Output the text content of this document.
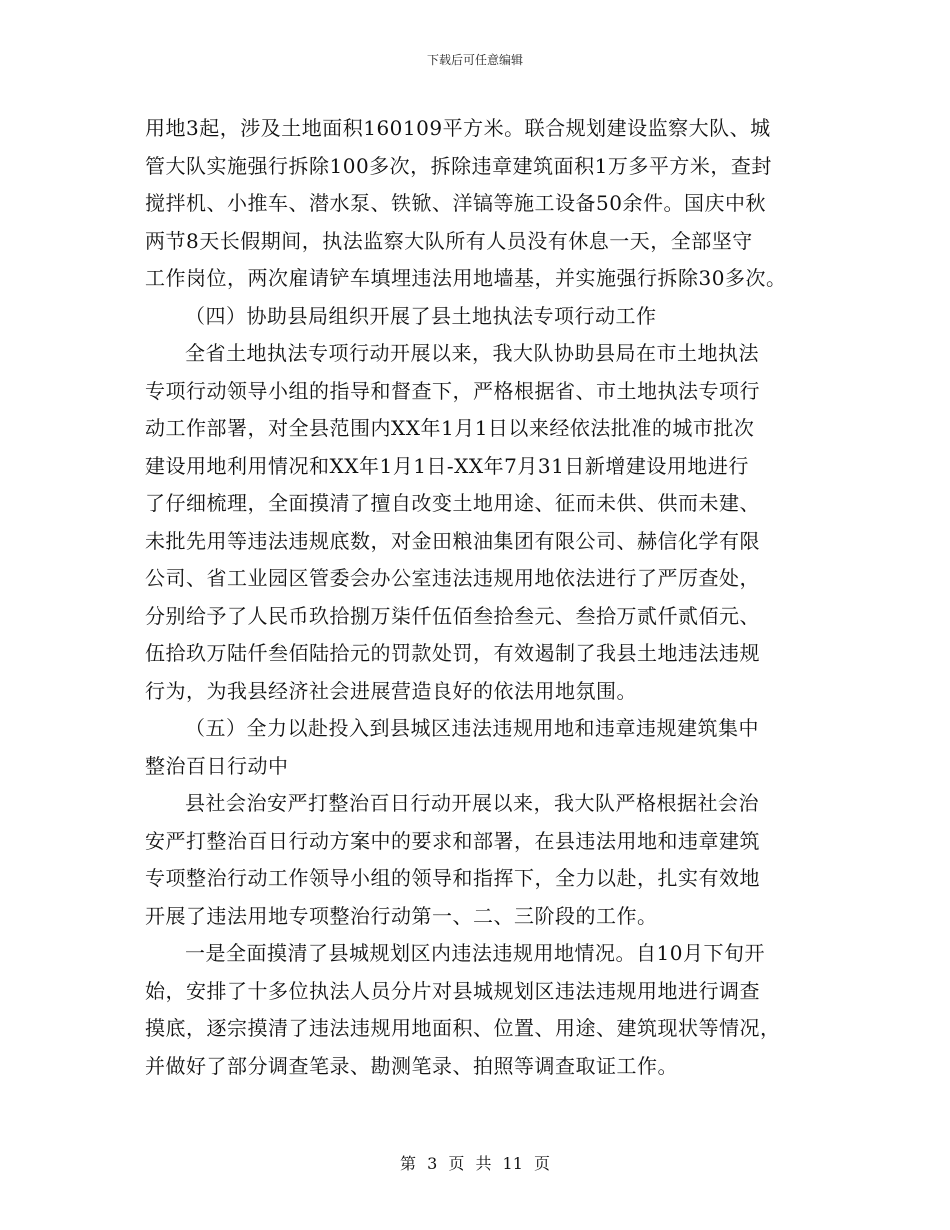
下载后可任意编辑
用地3起，涉及土地面积160109平方米。联合规划建设监察大队、城
管大队实施强行拆除100多次，拆除违章建筑面积1万多平方米，查封
搅拌机、小推车、潜水泵、铁锨、洋镐等施工设备50余件。国庆中秋
两节8天长假期间，执法监察大队所有人员没有休息一天，全部坚守
工作岗位，两次雇请铲车填埋违法用地墙基，并实施强行拆除30多次。
（四）协助县局组织开展了县土地执法专项行动工作
全省土地执法专项行动开展以来，我大队协助县局在市土地执法
专项行动领导小组的指导和督查下，严格根据省、市土地执法专项行
动工作部署，对全县范围内XX年1月1日以来经依法批准的城市批次
建设用地利用情况和XX年1月1日-XX年7月31日新增建设用地进行
了仔细梳理，全面摸清了擅自改变土地用途、征而未供、供而未建、
未批先用等违法违规底数，对金田粮油集团有限公司、赫信化学有限
公司、省工业园区管委会办公室违法违规用地依法进行了严厉查处，
分别给予了人民币玖拾捌万柒仟伍佰叁拾叁元、叁拾万贰仟贰佰元、
伍拾玖万陆仟叁佰陆拾元的罚款处罚，有效遏制了我县土地违法违规
行为，为我县经济社会进展营造良好的依法用地氛围。
（五）全力以赴投入到县城区违法违规用地和违章违规建筑集中
整治百日行动中
县社会治安严打整治百日行动开展以来，我大队严格根据社会治
安严打整治百日行动方案中的要求和部署，在县违法用地和违章建筑
专项整治行动工作领导小组的领导和指挥下，全力以赴，扎实有效地
开展了违法用地专项整治行动第一、二、三阶段的工作。
一是全面摸清了县城规划区内违法违规用地情况。自10月下旬开
始，安排了十多位执法人员分片对县城规划区违法违规用地进行调查
摸底，逐宗摸清了违法违规用地面积、位置、用途、建筑现状等情况，
并做好了部分调查笔录、勘测笔录、拍照等调查取证工作。
第 3 页 共 11 页
